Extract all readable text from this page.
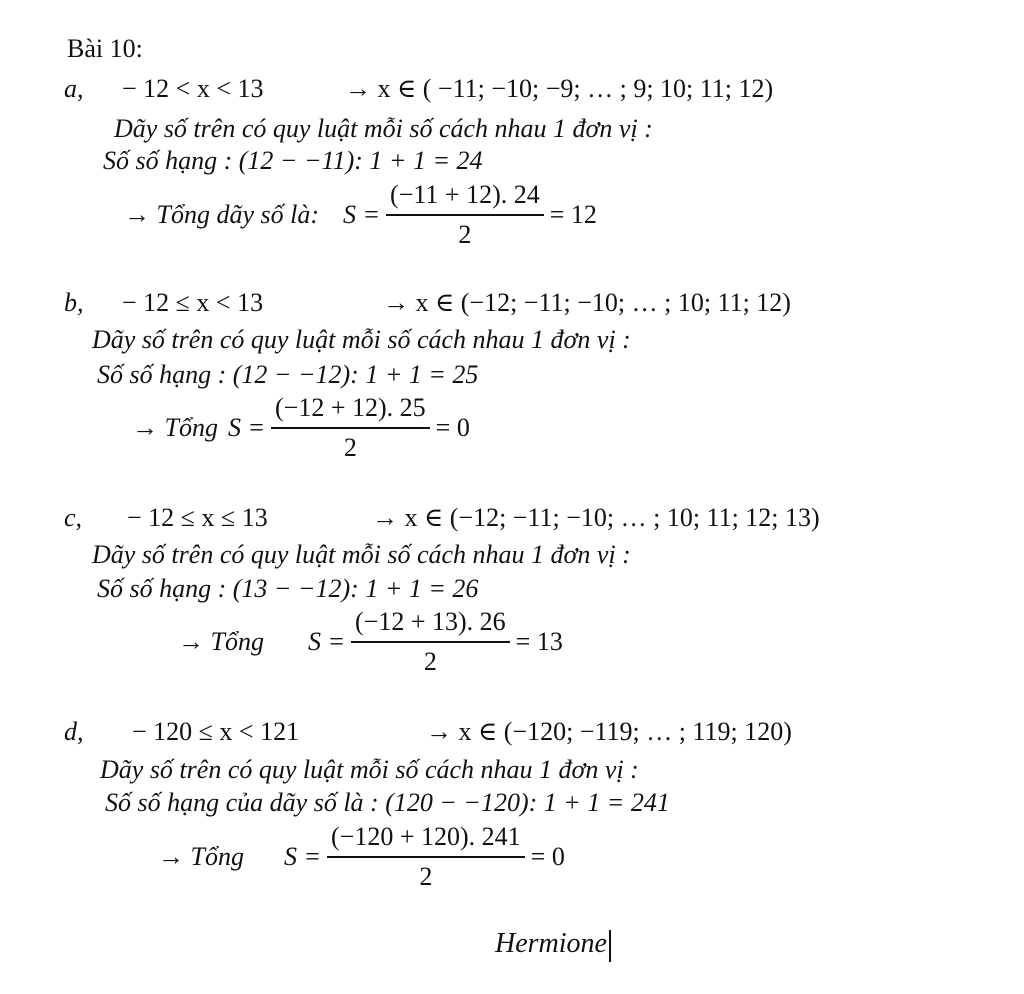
Bài 10:
a, − 12 < x < 13	→ x ∈ ( −11; −10; −9; … ; 9; 10; 11; 12)
Dãy số trên có quy luật mỗi số cách nhau 1 đơn vị :
Số số hạng : (12 − −11): 1 + 1 = 24
→ Tổng dãy số là: $S = \frac{(-11 + 12). 24}{2} = 12$
b, − 12 ≤ x < 13	→ x ∈ (−12; −11; −10; … ; 10; 11; 12)
Dãy số trên có quy luật mỗi số cách nhau 1 đơn vị :
Số số hạng : (12 − −12): 1 + 1 = 25
→ Tổng $S = \frac{(-12 + 12). 25}{2} = 0$
c, − 12 ≤ x ≤ 13	→ x ∈ (−12; −11; −10; … ; 10; 11; 12; 13)
Dãy số trên có quy luật mỗi số cách nhau 1 đơn vị :
Số số hạng : (13 − −12): 1 + 1 = 26
→ Tổng $S = \frac{(-12 + 13). 26}{2} = 13$
d, − 120 ≤ x < 121	→ x ∈ (−120; −119; … ; 119; 120)
Dãy số trên có quy luật mỗi số cách nhau 1 đơn vị :
Số số hạng của dãy số là : (120 − −120): 1 + 1 = 241
→ Tổng $S = \frac{(-120 + 120). 241}{2} = 0$
Hermione
